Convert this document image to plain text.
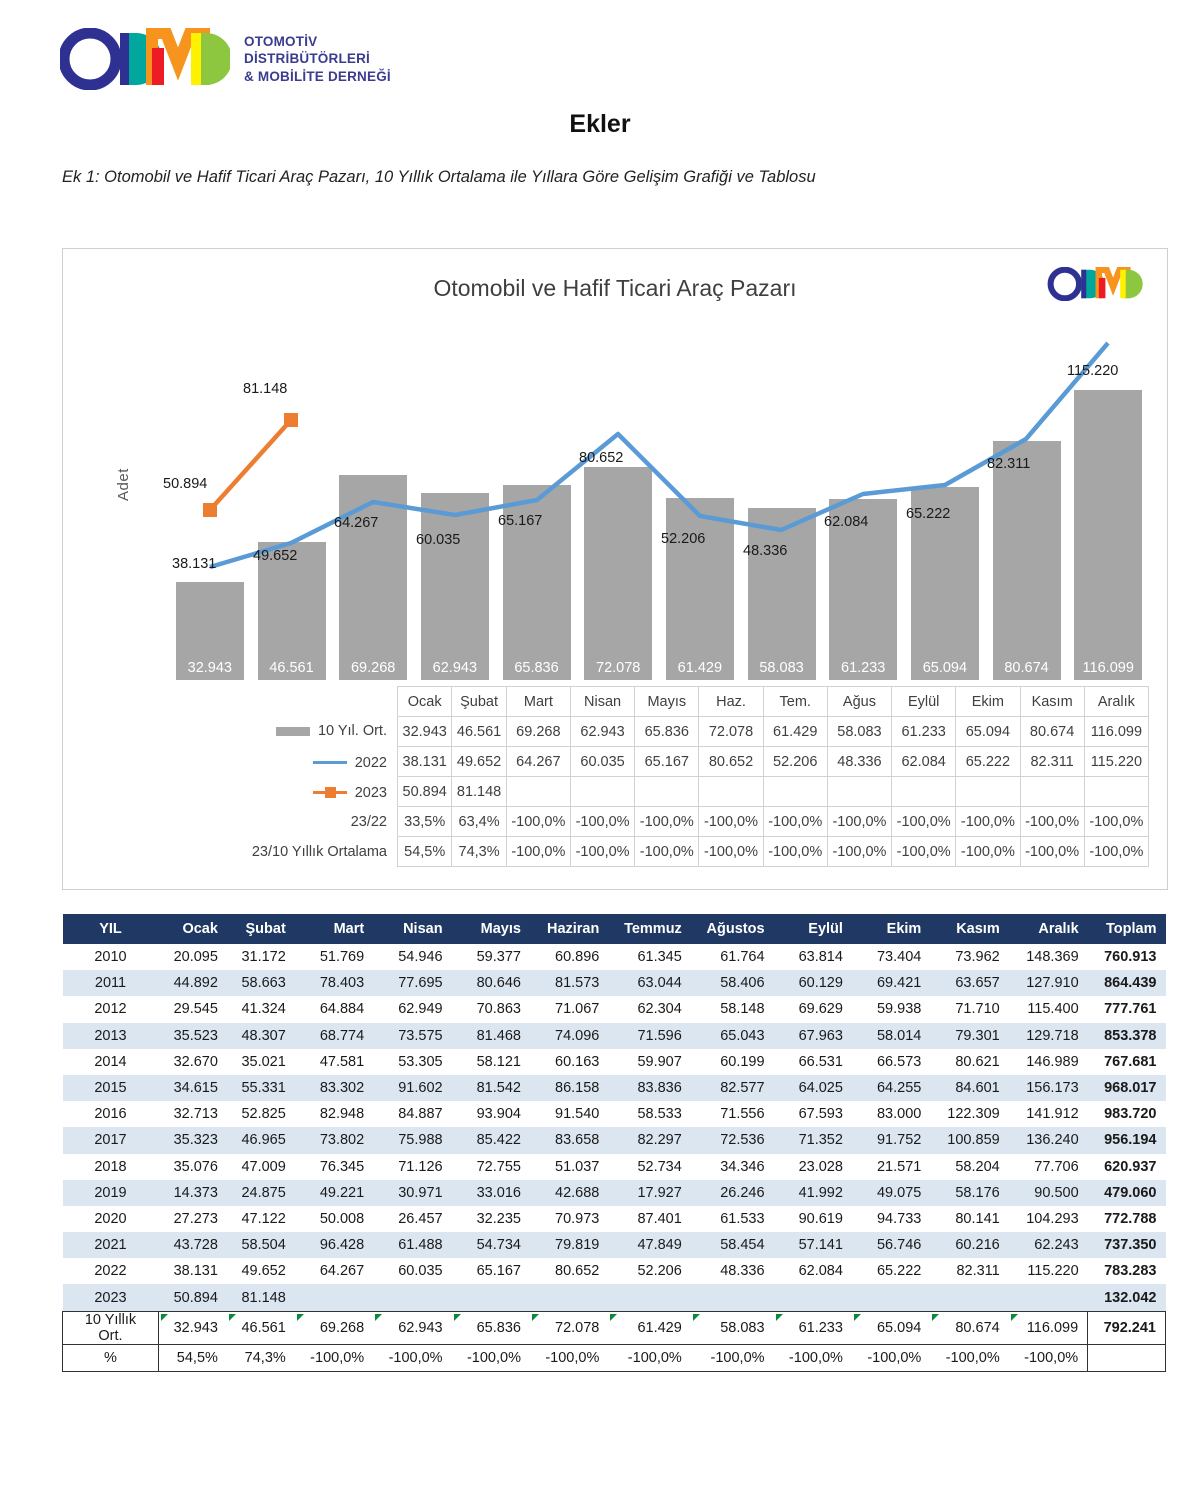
OTOMOTİV
DİSTRİBÜTÖRLERİ
& MOBİLİTE DERNEĞİ
Ekler
Ek 1: Otomobil ve Hafif Ticari Araç Pazarı, 10 Yıllık Ortalama ile Yıllara Göre Gelişim Grafiği ve Tablosu
Otomobil ve Hafif Ticari Araç Pazarı
Adet
32.943	46.561	69.268	62.943	65.836	72.078	61.429	58.083	61.233	65.094	80.674 116.099
50.894
81.148
38.131	49.652
64.267
60.035
65.167
80.652
52.206
48.336
62.084	65.222
82.311
115.220
	Ocak	Şubat	Mart	Nisan	Mayıs	Haz.	Tem.	Ağus	Eylül	Ekim	Kasım	Aralık

10 Yıl. Ort.	32.943	46.561	69.268	62.943	65.836	72.078	61.429	58.083	61.233	65.094	80.674	116.099

2022	38.131	49.652	64.267	60.035	65.167	80.652	52.206	48.336	62.084	65.222	82.311	115.220

2023	50.894	81.148										
23/22	33,5%	63,4%	-100,0%	-100,0%	-100,0%	-100,0%	-100,0%	-100,0%	-100,0%	-100,0%	-100,0%	-100,0%
23/10 Yıllık Ortalama	54,5%	74,3%	-100,0%	-100,0%	-100,0%	-100,0%	-100,0%	-100,0%	-100,0%	-100,0%	-100,0%	-100,0%
YIL	Ocak	Şubat	Mart	Nisan	Mayıs	Haziran	Temmuz	Ağustos	Eylül	Ekim	Kasım	Aralık	Toplam
2010	20.095	31.172	51.769	54.946	59.377	60.896	61.345	61.764	63.814	73.404	73.962	148.369	760.913
2011	44.892	58.663	78.403	77.695	80.646	81.573	63.044	58.406	60.129	69.421	63.657	127.910	864.439
2012	29.545	41.324	64.884	62.949	70.863	71.067	62.304	58.148	69.629	59.938	71.710	115.400	777.761
2013	35.523	48.307	68.774	73.575	81.468	74.096	71.596	65.043	67.963	58.014	79.301	129.718	853.378
2014	32.670	35.021	47.581	53.305	58.121	60.163	59.907	60.199	66.531	66.573	80.621	146.989	767.681
2015	34.615	55.331	83.302	91.602	81.542	86.158	83.836	82.577	64.025	64.255	84.601	156.173	968.017
2016	32.713	52.825	82.948	84.887	93.904	91.540	58.533	71.556	67.593	83.000	122.309	141.912	983.720
2017	35.323	46.965	73.802	75.988	85.422	83.658	82.297	72.536	71.352	91.752	100.859	136.240	956.194
2018	35.076	47.009	76.345	71.126	72.755	51.037	52.734	34.346	23.028	21.571	58.204	77.706	620.937
2019	14.373	24.875	49.221	30.971	33.016	42.688	17.927	26.246	41.992	49.075	58.176	90.500	479.060
2020	27.273	47.122	50.008	26.457	32.235	70.973	87.401	61.533	90.619	94.733	80.141	104.293	772.788
2021	43.728	58.504	96.428	61.488	54.734	79.819	47.849	58.454	57.141	56.746	60.216	62.243	737.350
2022	38.131	49.652	64.267	60.035	65.167	80.652	52.206	48.336	62.084	65.222	82.311	115.220	783.283
2023	50.894	81.148											132.042

10 Yıllık Ort.	32.943	46.561	69.268	62.943	65.836	72.078	61.429	58.083	61.233	65.094	80.674	116.099	792.241

%	54,5%	74,3%	-100,0%	-100,0%	-100,0%	-100,0%	-100,0%	-100,0%	-100,0%	-100,0%	-100,0%	-100,0%	
